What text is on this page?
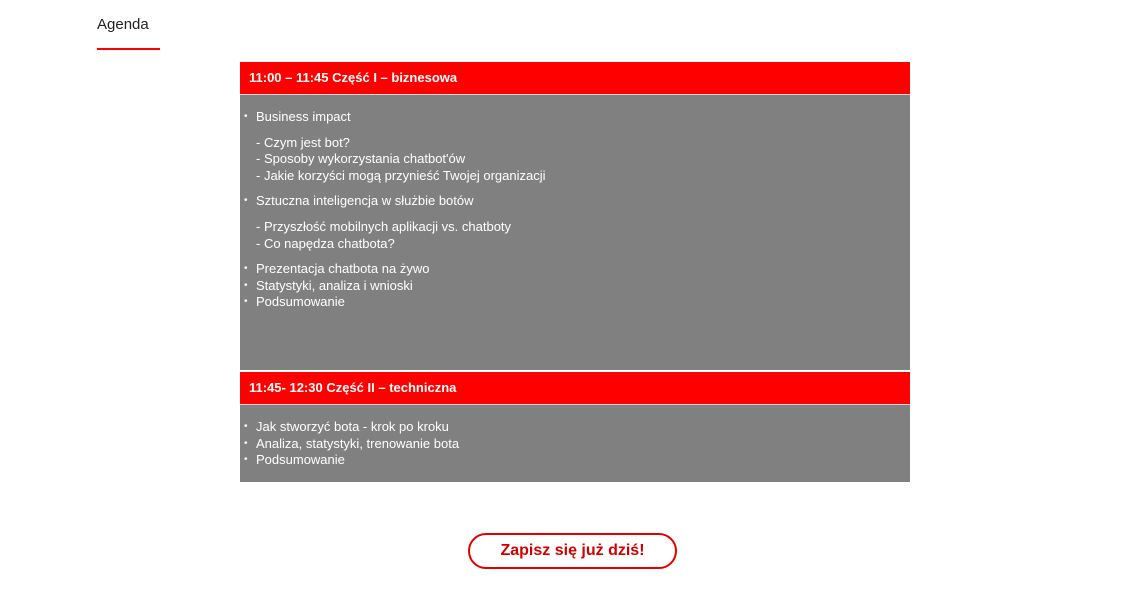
Agenda
11:00 – 11:45 Część I – biznesowa
• Business impact
- Czym jest bot?
- Sposoby wykorzystania chatbot'ów
- Jakie korzyści mogą przynieść Twojej organizacji
• Sztuczna inteligencja w służbie botów
- Przyszłość mobilnych aplikacji vs. chatboty
- Co napędza chatbota?
• Prezentacja chatbota na żywo
• Statystyki, analiza i wnioski
• Podsumowanie
11:45- 12:30 Część II – techniczna
• Jak stworzyć bota - krok po kroku
• Analiza, statystyki, trenowanie bota
• Podsumowanie
Zapisz się już dziś!
